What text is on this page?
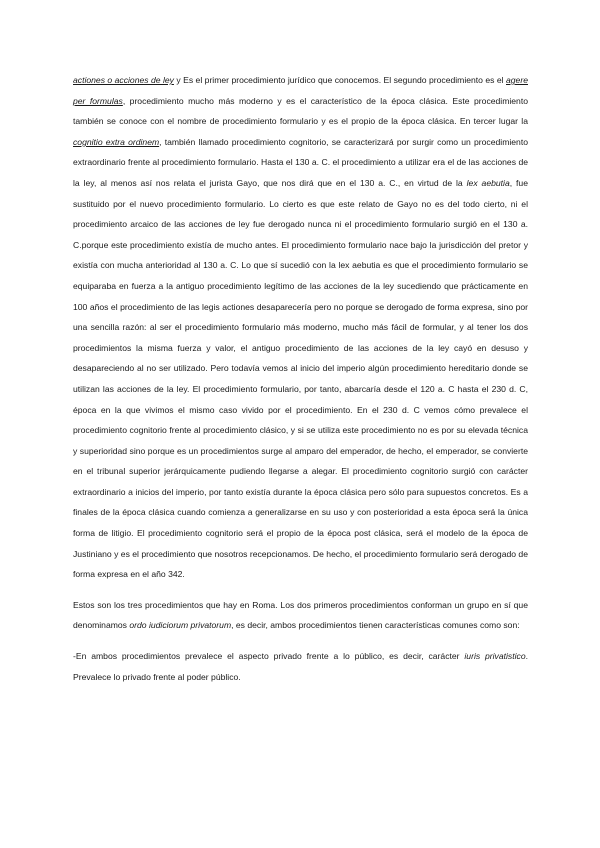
actiones o acciones de ley y Es el primer procedimiento jurídico que conocemos. El segundo procedimiento es el agere per formulas, procedimiento mucho más moderno y es el característico de la época clásica. Este procedimiento también se conoce con el nombre de procedimiento formulario y es el propio de la época clásica. En tercer lugar la cognitio extra ordinem, también llamado procedimiento cognitorio, se caracterizará por surgir como un procedimiento extraordinario frente al procedimiento formulario. Hasta el 130 a. C. el procedimiento a utilizar era el de las acciones de la ley, al menos así nos relata el jurista Gayo, que nos dirá que en el 130 a. C., en virtud de la lex aebutia, fue sustituido por el nuevo procedimiento formulario. Lo cierto es que este relato de Gayo no es del todo cierto, ni el procedimiento arcaico de las acciones de ley fue derogado nunca ni el procedimiento formulario surgió en el 130 a. C.porque este procedimiento existía de mucho antes. El procedimiento formulario nace bajo la jurisdicción del pretor y existía con mucha anterioridad al 130 a. C. Lo que sí sucedió con la lex aebutia es que el procedimiento formulario se equiparaba en fuerza a la antiguo procedimiento legítimo de las acciones de la ley sucediendo que prácticamente en 100 años el procedimiento de las legis actiones desaparecería pero no porque se derogado de forma expresa, sino por una sencilla razón: al ser el procedimiento formulario más moderno, mucho más fácil de formular, y al tener los dos procedimientos la misma fuerza y valor, el antiguo procedimiento de las acciones de la ley cayó en desuso y desapareciendo al no ser utilizado. Pero todavía vemos al inicio del imperio algún procedimiento hereditario donde se utilizan las acciones de la ley. El procedimiento formulario, por tanto, abarcaría desde el 120 a. C hasta el 230 d. C, época en la que vivimos el mismo caso vivido por el procedimiento. En el 230 d. C vemos cómo prevalece el procedimiento cognitorio frente al procedimiento clásico, y si se utiliza este procedimiento no es por su elevada técnica y superioridad sino porque es un procedimientos surge al amparo del emperador, de hecho, el emperador, se convierte en el tribunal superior jerárquicamente pudiendo llegarse a alegar. El procedimiento cognitorio surgió con carácter extraordinario a inicios del imperio, por tanto existía durante la época clásica pero sólo para supuestos concretos. Es a finales de la época clásica cuando comienza a generalizarse en su uso y con posterioridad a esta época será la única forma de litigio. El procedimiento cognitorio será el propio de la época post clásica, será el modelo de la época de Justiniano y es el procedimiento que nosotros recepcionamos. De hecho, el procedimiento formulario será derogado de forma expresa en el año 342.

Estos son los tres procedimientos que hay en Roma. Los dos primeros procedimientos conforman un grupo en sí que denominamos ordo iudiciorum privatorum, es decir, ambos procedimientos tienen características comunes como son:

-En ambos procedimientos prevalece el aspecto privado frente a lo público, es decir, carácter iuris privatistico. Prevalece lo privado frente al poder público.
